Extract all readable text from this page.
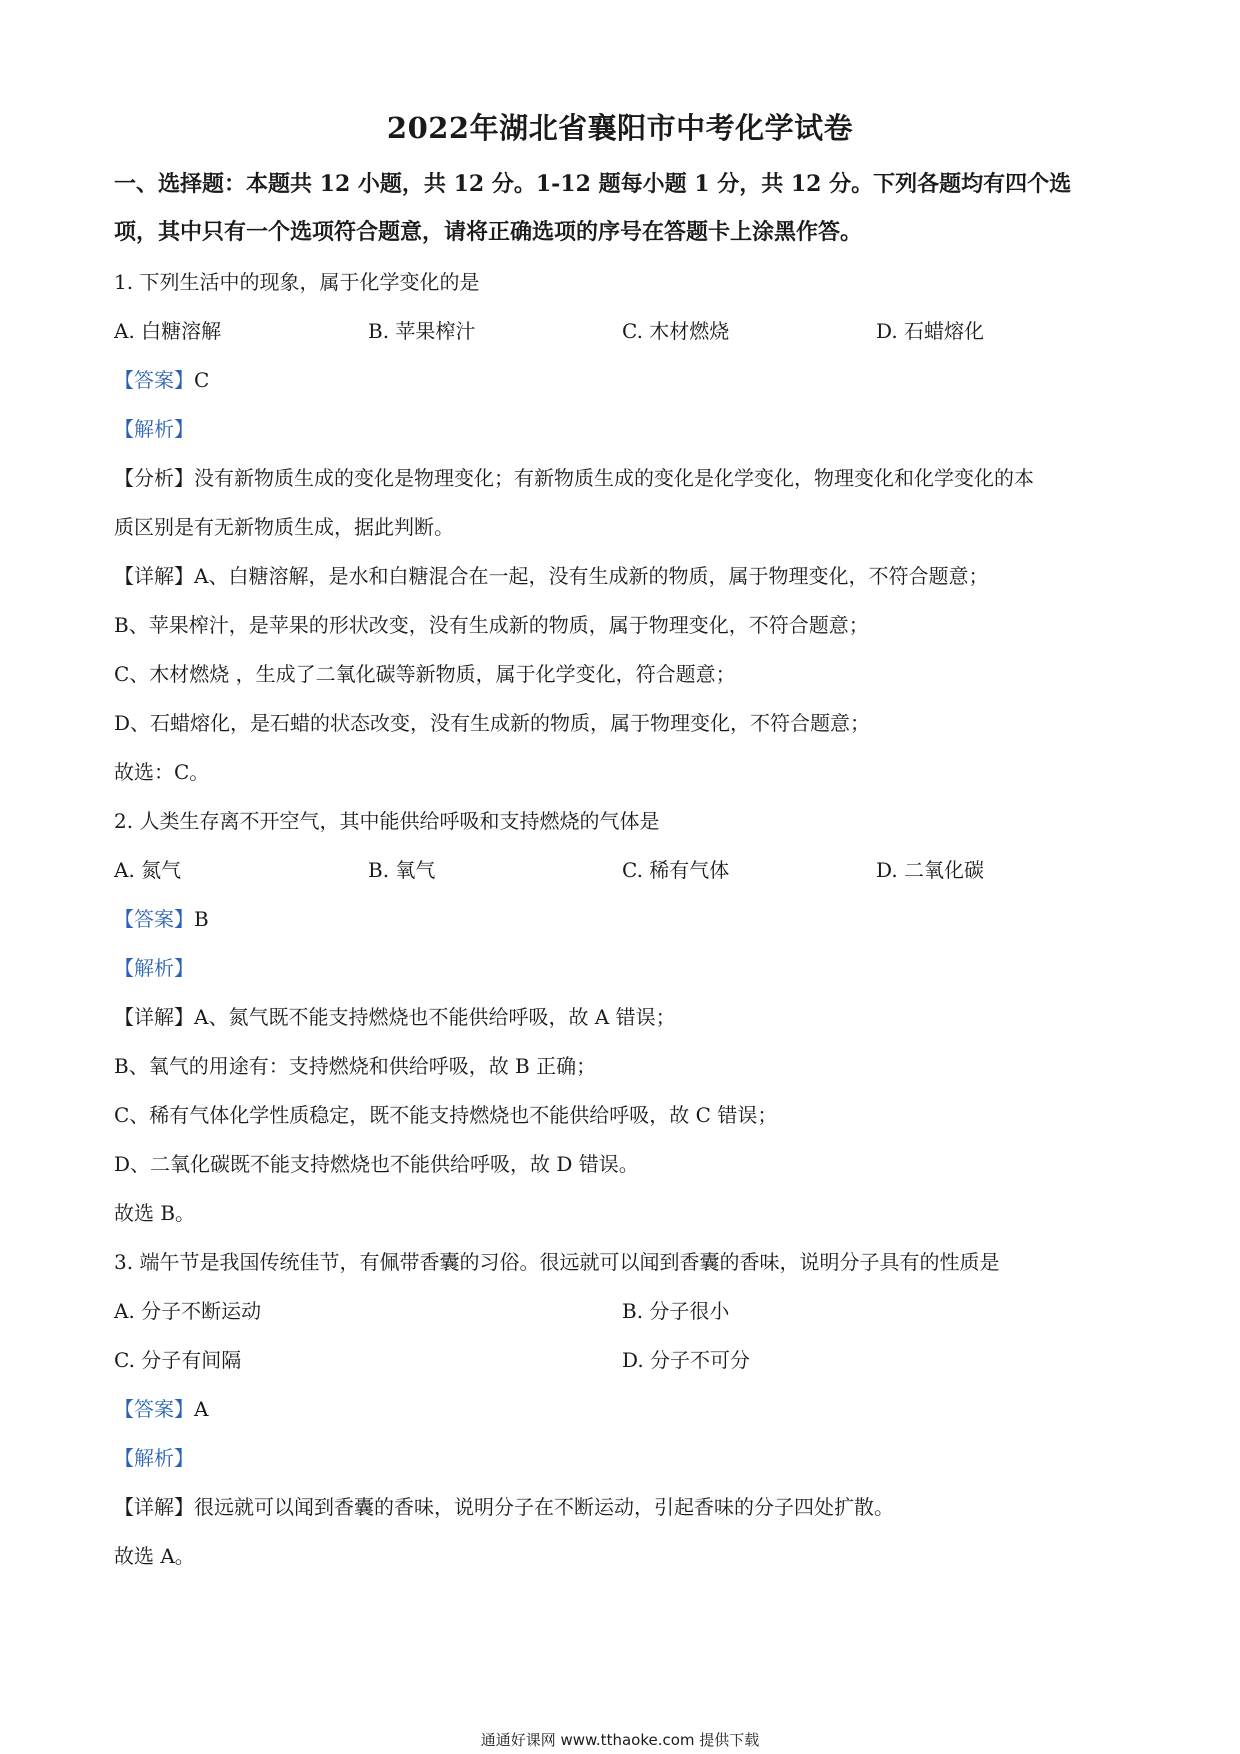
2022年湖北省襄阳市中考化学试卷
一、选择题：本题共 12 小题，共 12 分。1-12 题每小题 1 分，共 12 分。下列各题均有四个选
项，其中只有一个选项符合题意，请将正确选项的序号在答题卡上涂黑作答。
1. 下列生活中的现象，属于化学变化的是
A. 白糖溶解	B. 苹果榨汁	C. 木材燃烧	D. 石蜡熔化
【答案】C
【解析】
【分析】没有新物质生成的变化是物理变化；有新物质生成的变化是化学变化，物理变化和化学变化的本
质区别是有无新物质生成，据此判断。
【详解】A、白糖溶解，是水和白糖混合在一起，没有生成新的物质，属于物理变化，不符合题意；
B、苹果榨汁，是苹果的形状改变，没有生成新的物质，属于物理变化，不符合题意；
C、木材燃烧 ，生成了二氧化碳等新物质，属于化学变化，符合题意；
D、石蜡熔化，是石蜡的状态改变，没有生成新的物质，属于物理变化，不符合题意；
故选：C。
2. 人类生存离不开空气，其中能供给呼吸和支持燃烧的气体是
A. 氮气	B. 氧气	C. 稀有气体	D. 二氧化碳
【答案】B
【解析】
【详解】A、氮气既不能支持燃烧也不能供给呼吸，故 A 错误；
B、氧气的用途有：支持燃烧和供给呼吸，故 B 正确；
C、稀有气体化学性质稳定，既不能支持燃烧也不能供给呼吸，故 C 错误；
D、二氧化碳既不能支持燃烧也不能供给呼吸，故 D 错误。
故选 B。
3. 端午节是我国传统佳节，有佩带香囊的习俗。很远就可以闻到香囊的香味，说明分子具有的性质是
A. 分子不断运动	B. 分子很小
C. 分子有间隔	D. 分子不可分
【答案】A
【解析】
【详解】很远就可以闻到香囊的香味，说明分子在不断运动，引起香味的分子四处扩散。
故选 A。
通通好课网 www.tthaoke.com 提供下载
